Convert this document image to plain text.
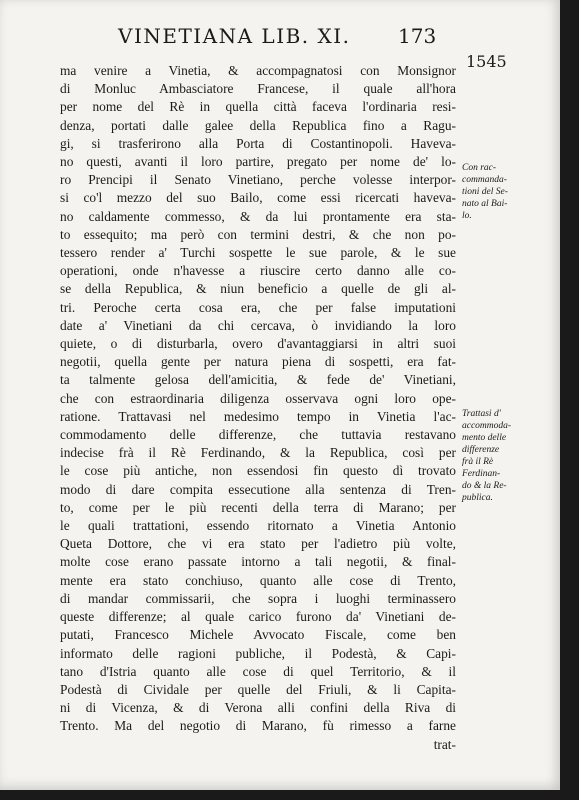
VINETIANA LIB. XI. 173
1545
ma venire a Vinetia, & accompagnatosi con Monsignor
di Monluc Ambasciatore Francese, il quale all'hora
per nome del Rè in quella città faceva l'ordinaria resi-
denza, portati dalle galee della Republica fino a Ragu-
gi, si trasferirono alla Porta di Costantinopoli. Haveva-
no questi, avanti il loro partire, pregato per nome de' lo-
ro Prencipi il Senato Vinetiano, perche volesse interpor-
si co'l mezzo del suo Bailo, come essi ricercati haveva-
no caldamente commesso, & da lui prontamente era sta-
to essequito; ma però con termini destri, & che non po-
tessero render a' Turchi sospette le sue parole, & le sue
operationi, onde n'havesse a riuscire certo danno alle co-
se della Republica, & niun beneficio a quelle de gli al-
tri. Peroche certa cosa era, che per false imputationi
date a' Vinetiani da chi cercava, ò invidiando la loro
quiete, o di disturbarla, overo d'avantaggiarsi in altri suoi
negotii, quella gente per natura piena di sospetti, era fat-
ta talmente gelosa dell'amicitia, & fede de' Vinetiani,
che con estraordinaria diligenza osservava ogni loro ope-
ratione. Trattavasi nel medesimo tempo in Vinetia l'ac-
commodamento delle differenze, che tuttavia restavano
indecise frà il Rè Ferdinando, & la Republica, così per
le cose più antiche, non essendosi fin questo dì trovato
modo di dare compita essecutione alla sentenza di Tren-
to, come per le più recenti della terra di Marano; per
le quali trattationi, essendo ritornato a Vinetia Antonio
Queta Dottore, che vi era stato per l'adietro più volte,
molte cose erano passate intorno a tali negotii, & final-
mente era stato conchiuso, quanto alle cose di Trento,
di mandar commissarii, che sopra i luoghi terminassero
queste differenze; al quale carico furono da' Vinetiani de-
putati, Francesco Michele Avvocato Fiscale, come ben
informato delle ragioni publiche, il Podestà, & Capi-
tano d'Istria quanto alle cose di quel Territorio, & il
Podestà di Cividale per quelle del Friuli, & li Capita-
ni di Vicenza, & di Verona alli confini della Riva di
Trento. Ma del negotio di Marano, fù rimesso a farne
trat-
Con rac-
commanda-
tioni del Se-
nato al Bai-
lo.
Trattasi d'
accommoda-
mento delle
differenze
frà il Rè
Ferdinan-
do & la Re-
publica.
